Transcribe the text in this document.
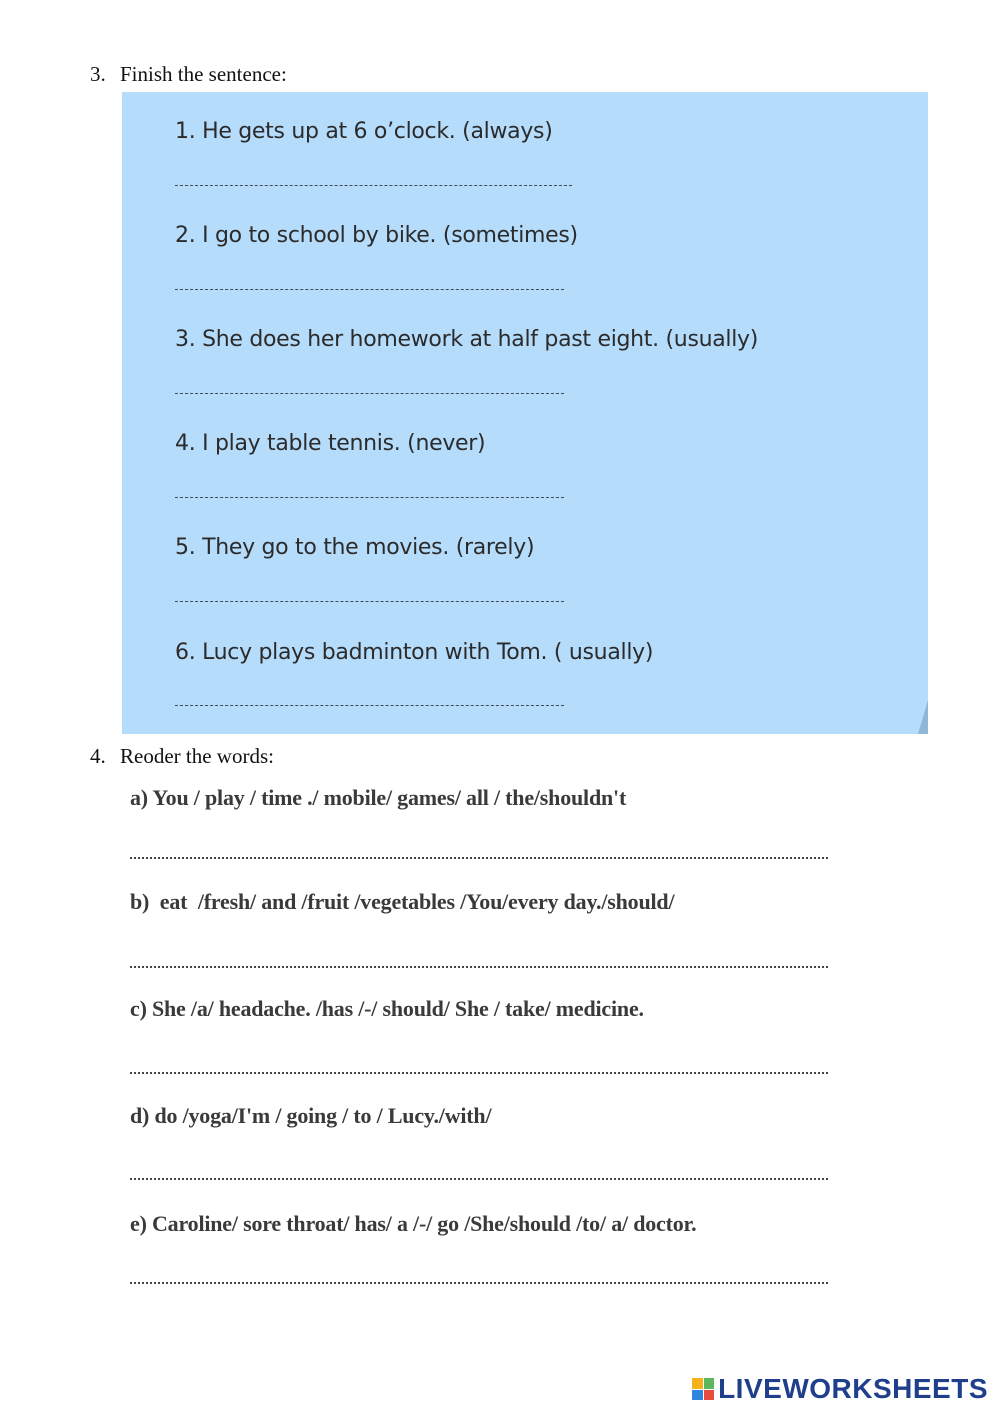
3. Finish the sentence:
1. He gets up at 6 o’clock. (always)
2. I go to school by bike. (sometimes)
3. She does her homework at half past eight. (usually)
4. I play table tennis. (never)
5. They go to the movies. (rarely)
6. Lucy plays badminton with Tom. ( usually)
4. Reoder the words:
a) You / play / time ./ mobile/ games/ all / the/shouldn't
b)  eat  /fresh/ and /fruit /vegetables /You/every day./should/
c) She /a/ headache. /has /-/ should/ She / take/ medicine.
d) do /yoga/I'm / going / to / Lucy./with/
e) Caroline/ sore throat/ has/ a /-/ go /She/should /to/ a/ doctor.
LIVEWORKSHEETS
